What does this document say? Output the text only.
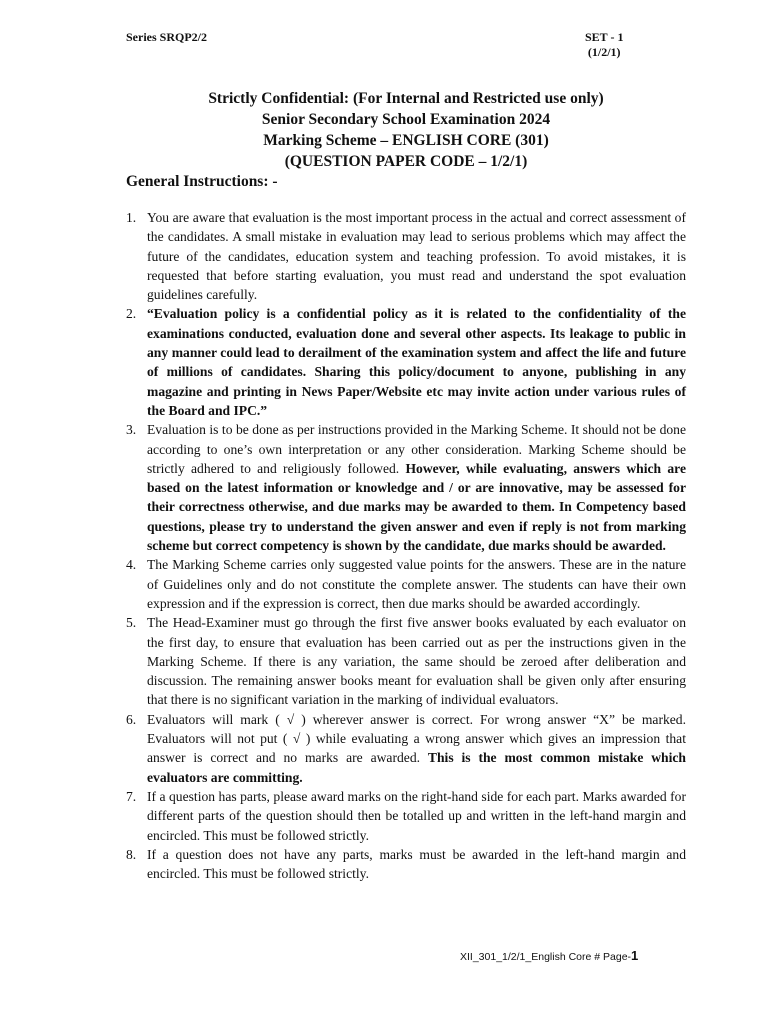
Series SRQP2/2	SET - 1
(1/2/1)
Strictly Confidential: (For Internal and Restricted use only)
Senior Secondary School Examination 2024
Marking Scheme – ENGLISH CORE (301)
(QUESTION PAPER CODE – 1/2/1)
General Instructions: -
1. You are aware that evaluation is the most important process in the actual and correct assessment of the candidates. A small mistake in evaluation may lead to serious problems which may affect the future of the candidates, education system and teaching profession. To avoid mistakes, it is requested that before starting evaluation, you must read and understand the spot evaluation guidelines carefully.
2. “Evaluation policy is a confidential policy as it is related to the confidentiality of the examinations conducted, evaluation done and several other aspects. Its leakage to public in any manner could lead to derailment of the examination system and affect the life and future of millions of candidates. Sharing this policy/document to anyone, publishing in any magazine and printing in News Paper/Website etc may invite action under various rules of the Board and IPC.”
3. Evaluation is to be done as per instructions provided in the Marking Scheme. It should not be done according to one’s own interpretation or any other consideration. Marking Scheme should be strictly adhered to and religiously followed. However, while evaluating, answers which are based on the latest information or knowledge and / or are innovative, may be assessed for their correctness otherwise, and due marks may be awarded to them. In Competency based questions, please try to understand the given answer and even if reply is not from marking scheme but correct competency is shown by the candidate, due marks should be awarded.
4. The Marking Scheme carries only suggested value points for the answers. These are in the nature of Guidelines only and do not constitute the complete answer. The students can have their own expression and if the expression is correct, then due marks should be awarded accordingly.
5. The Head-Examiner must go through the first five answer books evaluated by each evaluator on the first day, to ensure that evaluation has been carried out as per the instructions given in the Marking Scheme. If there is any variation, the same should be zeroed after deliberation and discussion. The remaining answer books meant for evaluation shall be given only after ensuring that there is no significant variation in the marking of individual evaluators.
6. Evaluators will mark ( √ ) wherever answer is correct. For wrong answer “X” be marked. Evaluators will not put ( √ ) while evaluating a wrong answer which gives an impression that answer is correct and no marks are awarded. This is the most common mistake which evaluators are committing.
7. If a question has parts, please award marks on the right-hand side for each part. Marks awarded for different parts of the question should then be totalled up and written in the left-hand margin and encircled. This must be followed strictly.
8. If a question does not have any parts, marks must be awarded in the left-hand margin and encircled. This must be followed strictly.
XII_301_1/2/1_English Core # Page-1
